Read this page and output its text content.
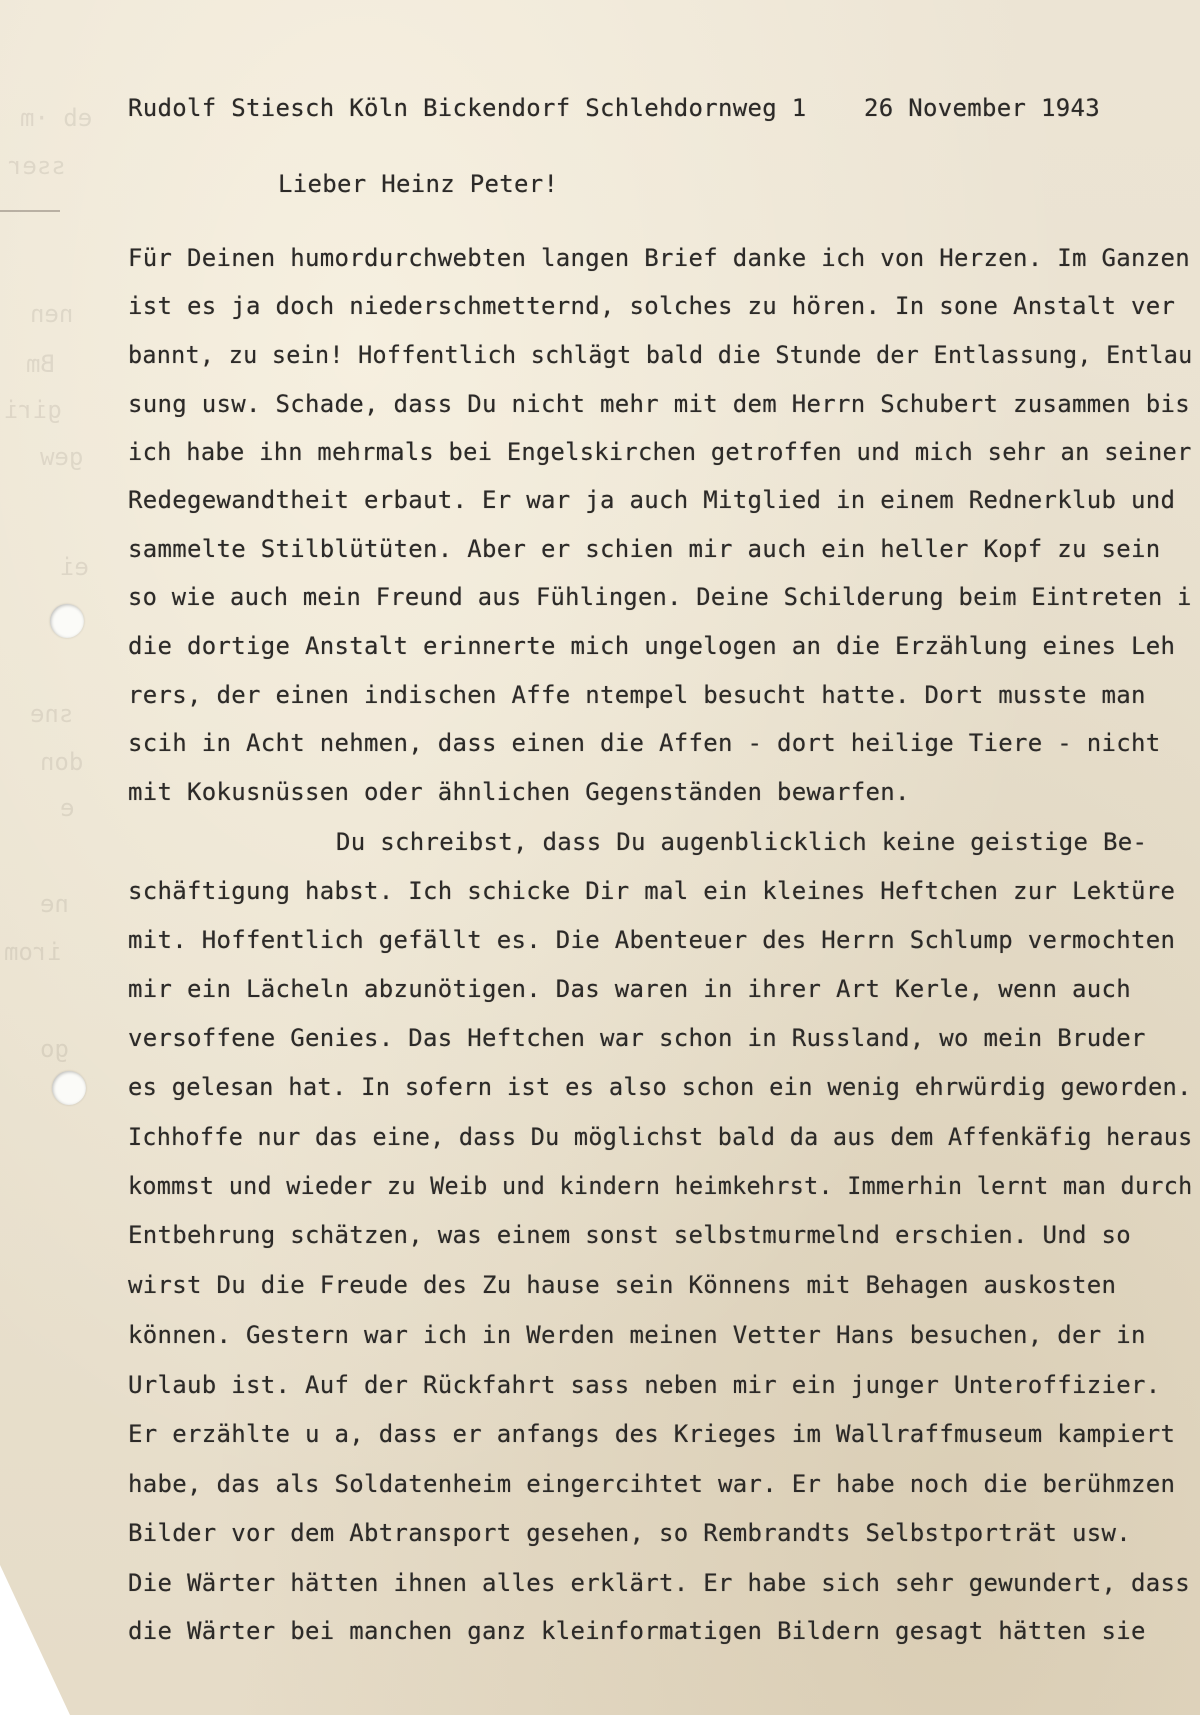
eb ·m
sser
nen
Bm
giri
gew
ei
sne
don
e
ne
irom
go
Rudolf Stiesch Köln Bickendorf Schlehdornweg 1 26 November 1943
Lieber Heinz Peter!
Für Deinen humordurchwebten langen Brief danke ich von Herzen. Im Ganzen
ist es ja doch niederschmetternd, solches zu hören. In sone Anstalt ver
bannt, zu sein! Hoffentlich schlägt bald die Stunde der Entlassung, Entlau
sung usw. Schade, dass Du nicht mehr mit dem Herrn Schubert zusammen bis
ich habe ihn mehrmals bei Engelskirchen getroffen und mich sehr an seiner
Redegewandtheit erbaut. Er war ja auch Mitglied in einem Rednerklub und
sammelte Stilblütüten. Aber er schien mir auch ein heller Kopf zu sein
so wie auch mein Freund aus Fühlingen. Deine Schilderung beim Eintreten i
die dortige Anstalt erinnerte mich ungelogen an die Erzählung eines Leh
rers, der einen indischen Affe ntempel besucht hatte. Dort musste man
scih in Acht nehmen, dass einen die Affen - dort heilige Tiere - nicht
mit Kokusnüssen oder ähnlichen Gegenständen bewarfen.
Du schreibst, dass Du augenblicklich keine geistige Be-
schäftigung habst. Ich schicke Dir mal ein kleines Heftchen zur Lektüre
mit. Hoffentlich gefällt es. Die Abenteuer des Herrn Schlump vermochten
mir ein Lächeln abzunötigen. Das waren in ihrer Art Kerle, wenn auch
versoffene Genies. Das Heftchen war schon in Russland, wo mein Bruder
es gelesan hat. In sofern ist es also schon ein wenig ehrwürdig geworden.
Ichhoffe nur das eine, dass Du möglichst bald da aus dem Affenkäfig heraus
kommst und wieder zu Weib und kindern heimkehrst. Immerhin lernt man durch
Entbehrung schätzen, was einem sonst selbstmurmelnd erschien. Und so
wirst Du die Freude des Zu hause sein Könnens mit Behagen auskosten
können. Gestern war ich in Werden meinen Vetter Hans besuchen, der in
Urlaub ist. Auf der Rückfahrt sass neben mir ein junger Unteroffizier.
Er erzählte u a, dass er anfangs des Krieges im Wallraffmuseum kampiert
habe, das als Soldatenheim eingercihtet war. Er habe noch die berühmzen
Bilder vor dem Abtransport gesehen, so Rembrandts Selbstporträt usw.
Die Wärter hätten ihnen alles erklärt. Er habe sich sehr gewundert, dass
die Wärter bei manchen ganz kleinformatigen Bildern gesagt hätten sie
